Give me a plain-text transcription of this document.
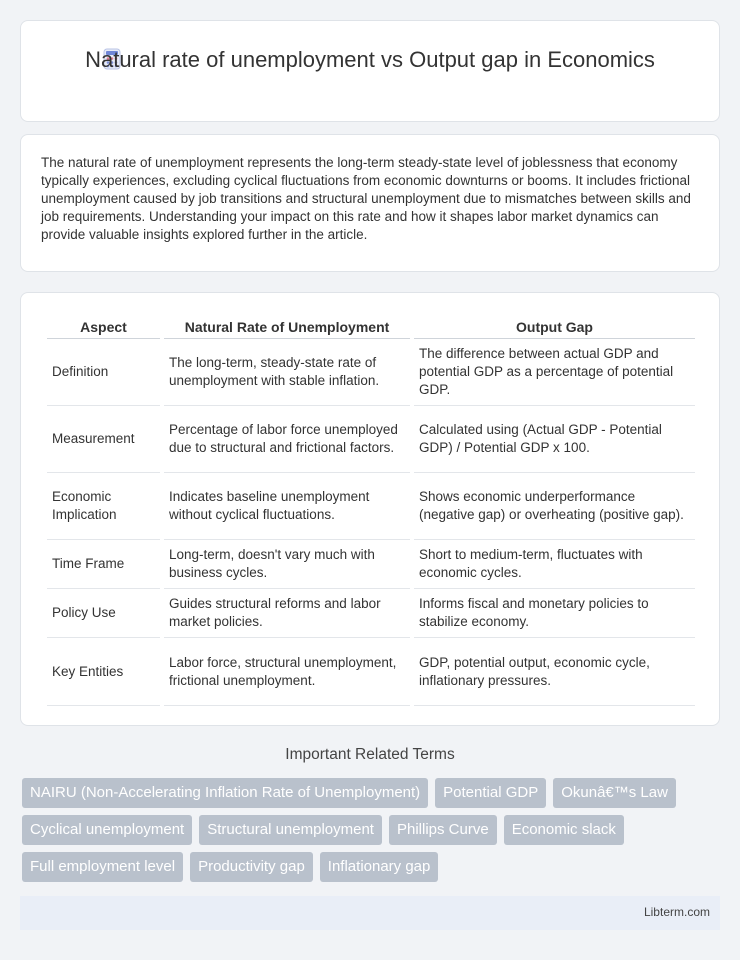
Natural rate of unemployment vs Output gap in Economics

The natural rate of unemployment represents the long-term steady-state level of joblessness that economy typically experiences, excluding cyclical fluctuations from economic downturns or booms. It includes frictional unemployment caused by job transitions and structural unemployment due to mismatches between skills and job requirements. Understanding your impact on this rate and how it shapes labor market dynamics can provide valuable insights explored further in the article.

Aspect	Natural Rate of Unemployment	Output Gap
Definition	The long-term, steady-state rate of unemployment with stable inflation.	The difference between actual GDP and potential GDP as a percentage of potential GDP.
Measurement	Percentage of labor force unemployed due to structural and frictional factors.	Calculated using (Actual GDP - Potential GDP) / Potential GDP x 100.
Economic Implication	Indicates baseline unemployment without cyclical fluctuations.	Shows economic underperformance (negative gap) or overheating (positive gap).
Time Frame	Long-term, doesn't vary much with business cycles.	Short to medium-term, fluctuates with economic cycles.
Policy Use	Guides structural reforms and labor market policies.	Informs fiscal and monetary policies to stabilize economy.
Key Entities	Labor force, structural unemployment, frictional unemployment.	GDP, potential output, economic cycle, inflationary pressures.
Important Related Terms
NAIRU (Non-Accelerating Inflation Rate of Unemployment)	Potential GDP	Okunâ€™s Law
Cyclical unemployment	Structural unemployment	Phillips Curve	Economic slack
Full employment level	Productivity gap	Inflationary gap
Libterm.com
